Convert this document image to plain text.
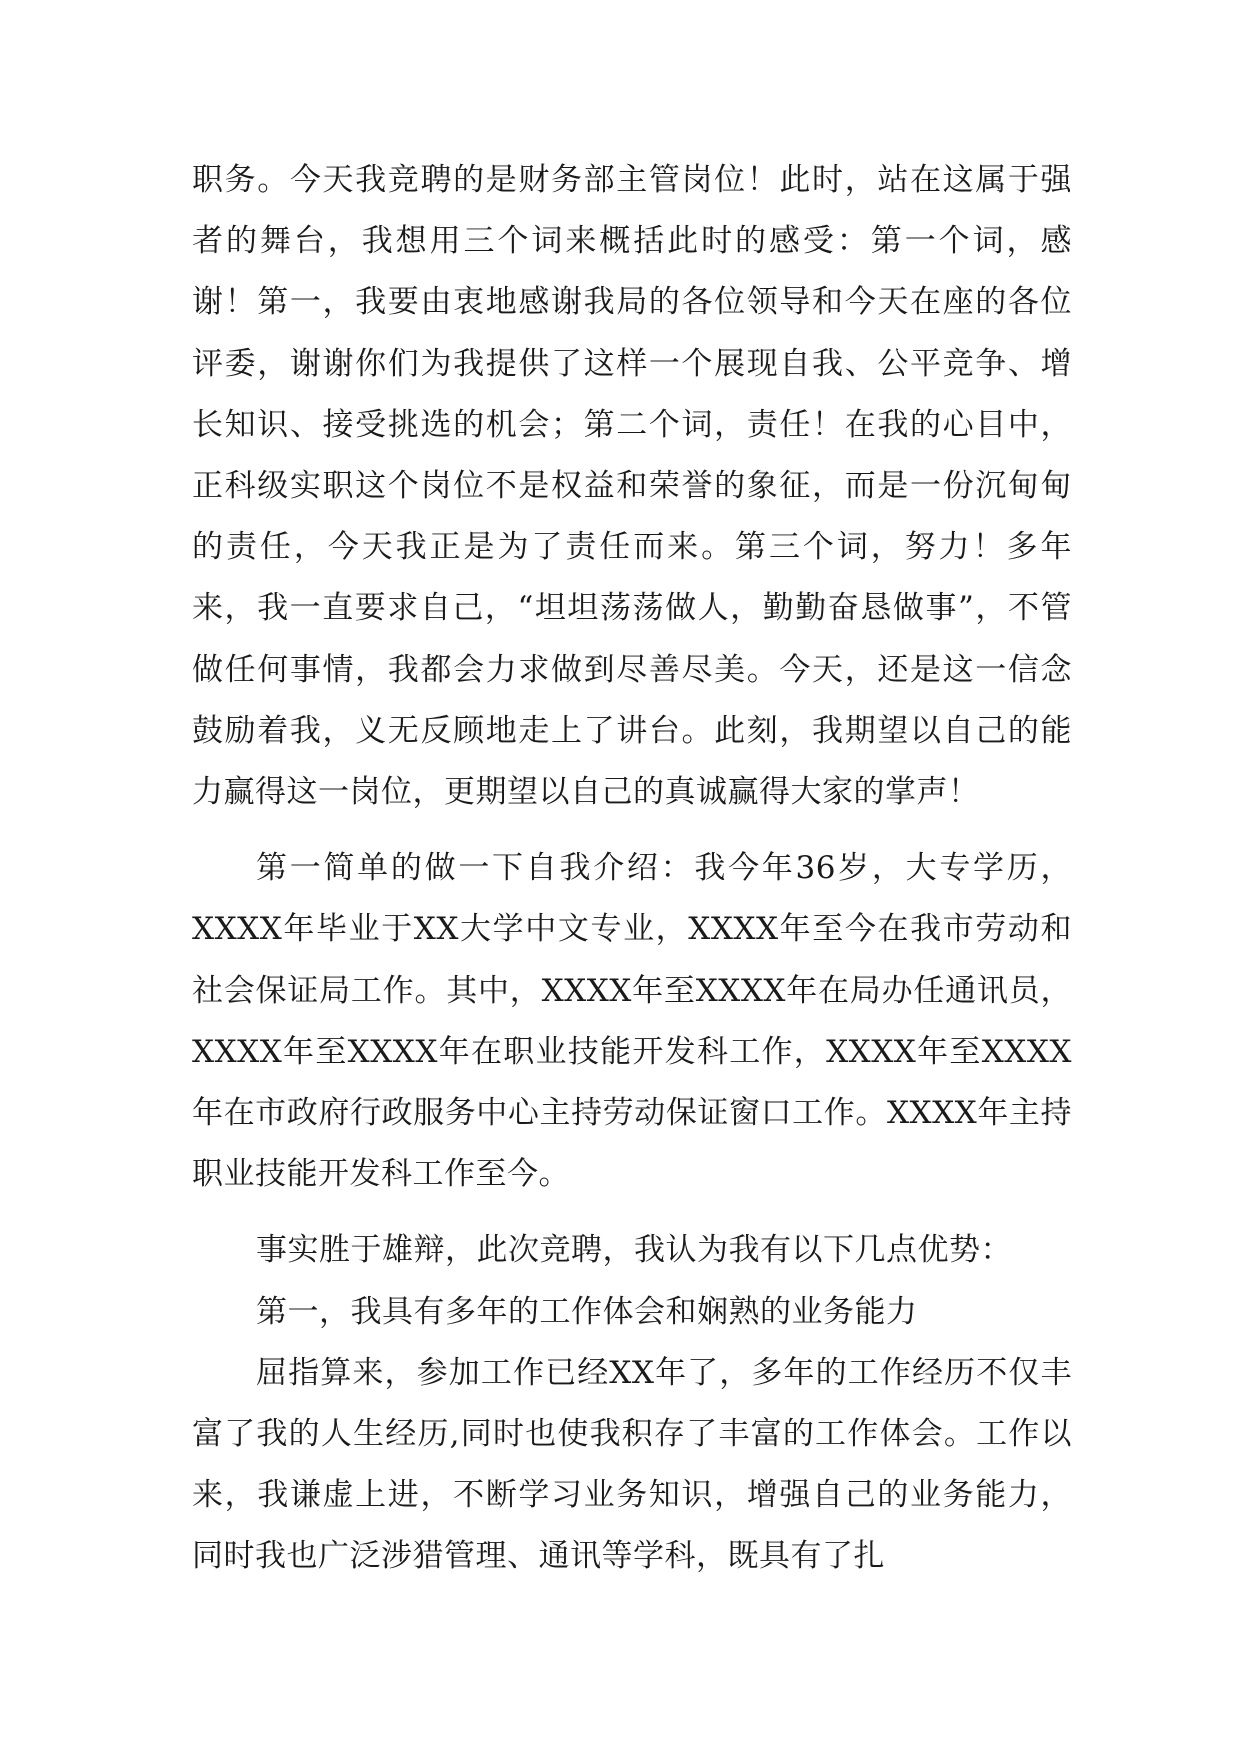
职务。今天我竞聘的是财务部主管岗位！此时，站在这属于强者的舞台，我想用三个词来概括此时的感受：第一个词，感谢！第一，我要由衷地感谢我局的各位领导和今天在座的各位评委，谢谢你们为我提供了这样一个展现自我、公平竞争、增长知识、接受挑选的机会；第二个词，责任！在我的心目中，正科级实职这个岗位不是权益和荣誉的象征，而是一份沉甸甸的责任，今天我正是为了责任而来。第三个词，努力！多年来，我一直要求自己，“坦坦荡荡做人，勤勤奋恳做事”，不管做任何事情，我都会力求做到尽善尽美。今天，还是这一信念鼓励着我，义无反顾地走上了讲台。此刻，我期望以自己的能力赢得这一岗位，更期望以自己的真诚赢得大家的掌声！

第一简单的做一下自我介绍：我今年36岁，大专学历，XXXX年毕业于XX大学中文专业，XXXX年至今在我市劳动和社会保证局工作。其中，XXXX年至XXXX年在局办任通讯员，XXXX年至XXXX年在职业技能开发科工作，XXXX年至XXXX年在市政府行政服务中心主持劳动保证窗口工作。XXXX年主持职业技能开发科工作至今。

事实胜于雄辩，此次竞聘，我认为我有以下几点优势：

第一，我具有多年的工作体会和娴熟的业务能力

屈指算来，参加工作已经XX年了，多年的工作经历不仅丰富了我的人生经历,同时也使我积存了丰富的工作体会。工作以来，我谦虚上进，不断学习业务知识，增强自己的业务能力，同时我也广泛涉猎管理、通讯等学科，既具有了扎
